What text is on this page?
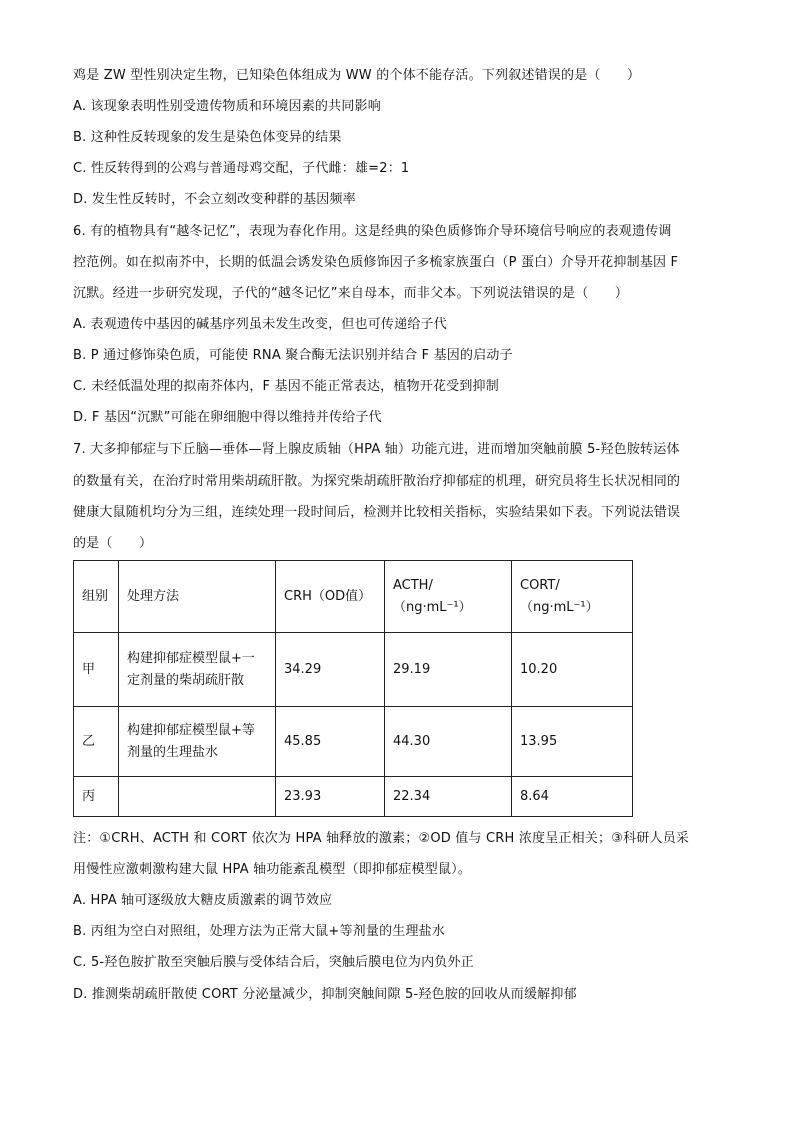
鸡是 ZW 型性别决定生物，已知染色体组成为 WW 的个体不能存活。下列叙述错误的是（　　）
A. 该现象表明性别受遗传物质和环境因素的共同影响
B. 这种性反转现象的发生是染色体变异的结果
C. 性反转得到的公鸡与普通母鸡交配，子代雌：雄=2：1
D. 发生性反转时，不会立刻改变种群的基因频率
6. 有的植物具有“越冬记忆”，表现为春化作用。这是经典的染色质修饰介导环境信号响应的表观遗传调
控范例。如在拟南芥中，长期的低温会诱发染色质修饰因子多梳家族蛋白（P 蛋白）介导开花抑制基因 F
沉默。经进一步研究发现，子代的“越冬记忆”来自母本，而非父本。下列说法错误的是（　　）
A. 表观遗传中基因的碱基序列虽未发生改变，但也可传递给子代
B. P 通过修饰染色质，可能使 RNA 聚合酶无法识别并结合 F 基因的启动子
C. 未经低温处理的拟南芥体内，F 基因不能正常表达，植物开花受到抑制
D. F 基因“沉默”可能在卵细胞中得以维持并传给子代
7. 大多抑郁症与下丘脑—垂体—肾上腺皮质轴（HPA 轴）功能亢进，进而增加突触前膜 5-羟色胺转运体
的数量有关，在治疗时常用柴胡疏肝散。为探究柴胡疏肝散治疗抑郁症的机理，研究员将生长状况相同的
健康大鼠随机均分为三组，连续处理一段时间后，检测并比较相关指标，实验结果如下表。下列说法错误
的是（　　）
组别	处理方法	CRH（OD值）	ACTH/（ng·mL⁻¹）	CORT/（ng·mL⁻¹）
甲	构建抑郁症模型鼠+一定剂量的柴胡疏肝散	34.29	29.19	10.20
乙	构建抑郁症模型鼠+等剂量的生理盐水	45.85	44.30	13.95
丙		23.93	22.34	8.64
注：①CRH、ACTH 和 CORT 依次为 HPA 轴释放的激素；②OD 值与 CRH 浓度呈正相关；③科研人员采
用慢性应激刺激构建大鼠 HPA 轴功能紊乱模型（即抑郁症模型鼠）。
A. HPA 轴可逐级放大糖皮质激素的调节效应
B. 丙组为空白对照组，处理方法为正常大鼠+等剂量的生理盐水
C. 5-羟色胺扩散至突触后膜与受体结合后，突触后膜电位为内负外正
D. 推测柴胡疏肝散使 CORT 分泌量减少，抑制突触间隙 5-羟色胺的回收从而缓解抑郁
